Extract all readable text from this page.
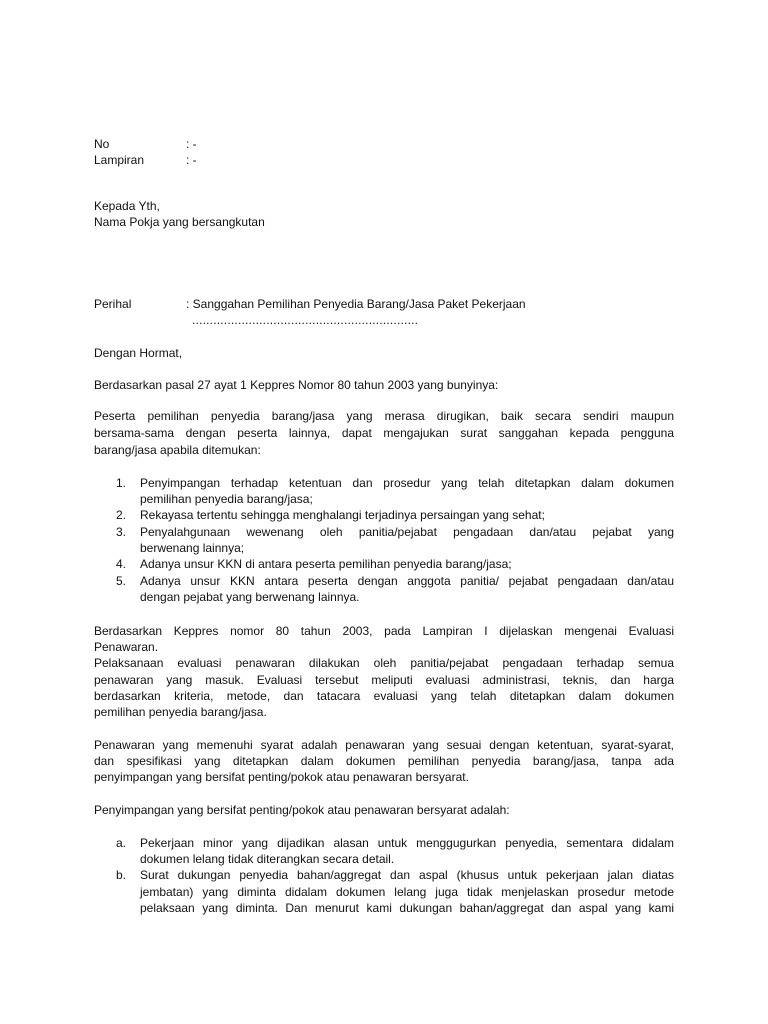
No	: -
Lampiran	: -
Kepada Yth,
Nama Pokja yang bersangkutan
Perihal	: Sanggahan Pemilihan Penyedia Barang/Jasa Paket Pekerjaan
................................................................
Dengan Hormat,
Berdasarkan pasal 27 ayat 1 Keppres Nomor 80 tahun 2003 yang bunyinya:
Peserta pemilihan penyedia barang/jasa yang merasa dirugikan, baik secara sendiri maupun
bersama-sama dengan peserta lainnya, dapat mengajukan surat sanggahan kepada pengguna
barang/jasa apabila ditemukan:
1. Penyimpangan terhadap ketentuan dan prosedur yang telah ditetapkan dalam dokumen
pemilihan penyedia barang/jasa;
2. Rekayasa tertentu sehingga menghalangi terjadinya persaingan yang sehat;
3. Penyalahgunaan wewenang oleh panitia/pejabat pengadaan dan/atau pejabat yang
berwenang lainnya;
4. Adanya unsur KKN di antara peserta pemilihan penyedia barang/jasa;
5. Adanya unsur KKN antara peserta dengan anggota panitia/ pejabat pengadaan dan/atau
dengan pejabat yang berwenang lainnya.
Berdasarkan Keppres nomor 80 tahun 2003, pada Lampiran I dijelaskan mengenai Evaluasi
Penawaran.
Pelaksanaan evaluasi penawaran dilakukan oleh panitia/pejabat pengadaan terhadap semua
penawaran yang masuk. Evaluasi tersebut meliputi evaluasi administrasi, teknis, dan harga
berdasarkan kriteria, metode, dan tatacara evaluasi yang telah ditetapkan dalam dokumen
pemilihan penyedia barang/jasa.
Penawaran yang memenuhi syarat adalah penawaran yang sesuai dengan ketentuan, syarat-syarat,
dan spesifikasi yang ditetapkan dalam dokumen pemilihan penyedia barang/jasa, tanpa ada
penyimpangan yang bersifat penting/pokok atau penawaran bersyarat.
Penyimpangan yang bersifat penting/pokok atau penawaran bersyarat adalah:
a. Pekerjaan minor yang dijadikan alasan untuk menggugurkan penyedia, sementara didalam
dokumen lelang tidak diterangkan secara detail.
b. Surat dukungan penyedia bahan/aggregat dan aspal (khusus untuk pekerjaan jalan diatas
jembatan) yang diminta didalam dokumen lelang juga tidak menjelaskan prosedur metode
pelaksaan yang diminta. Dan menurut kami dukungan bahan/aggregat dan aspal yang kami
